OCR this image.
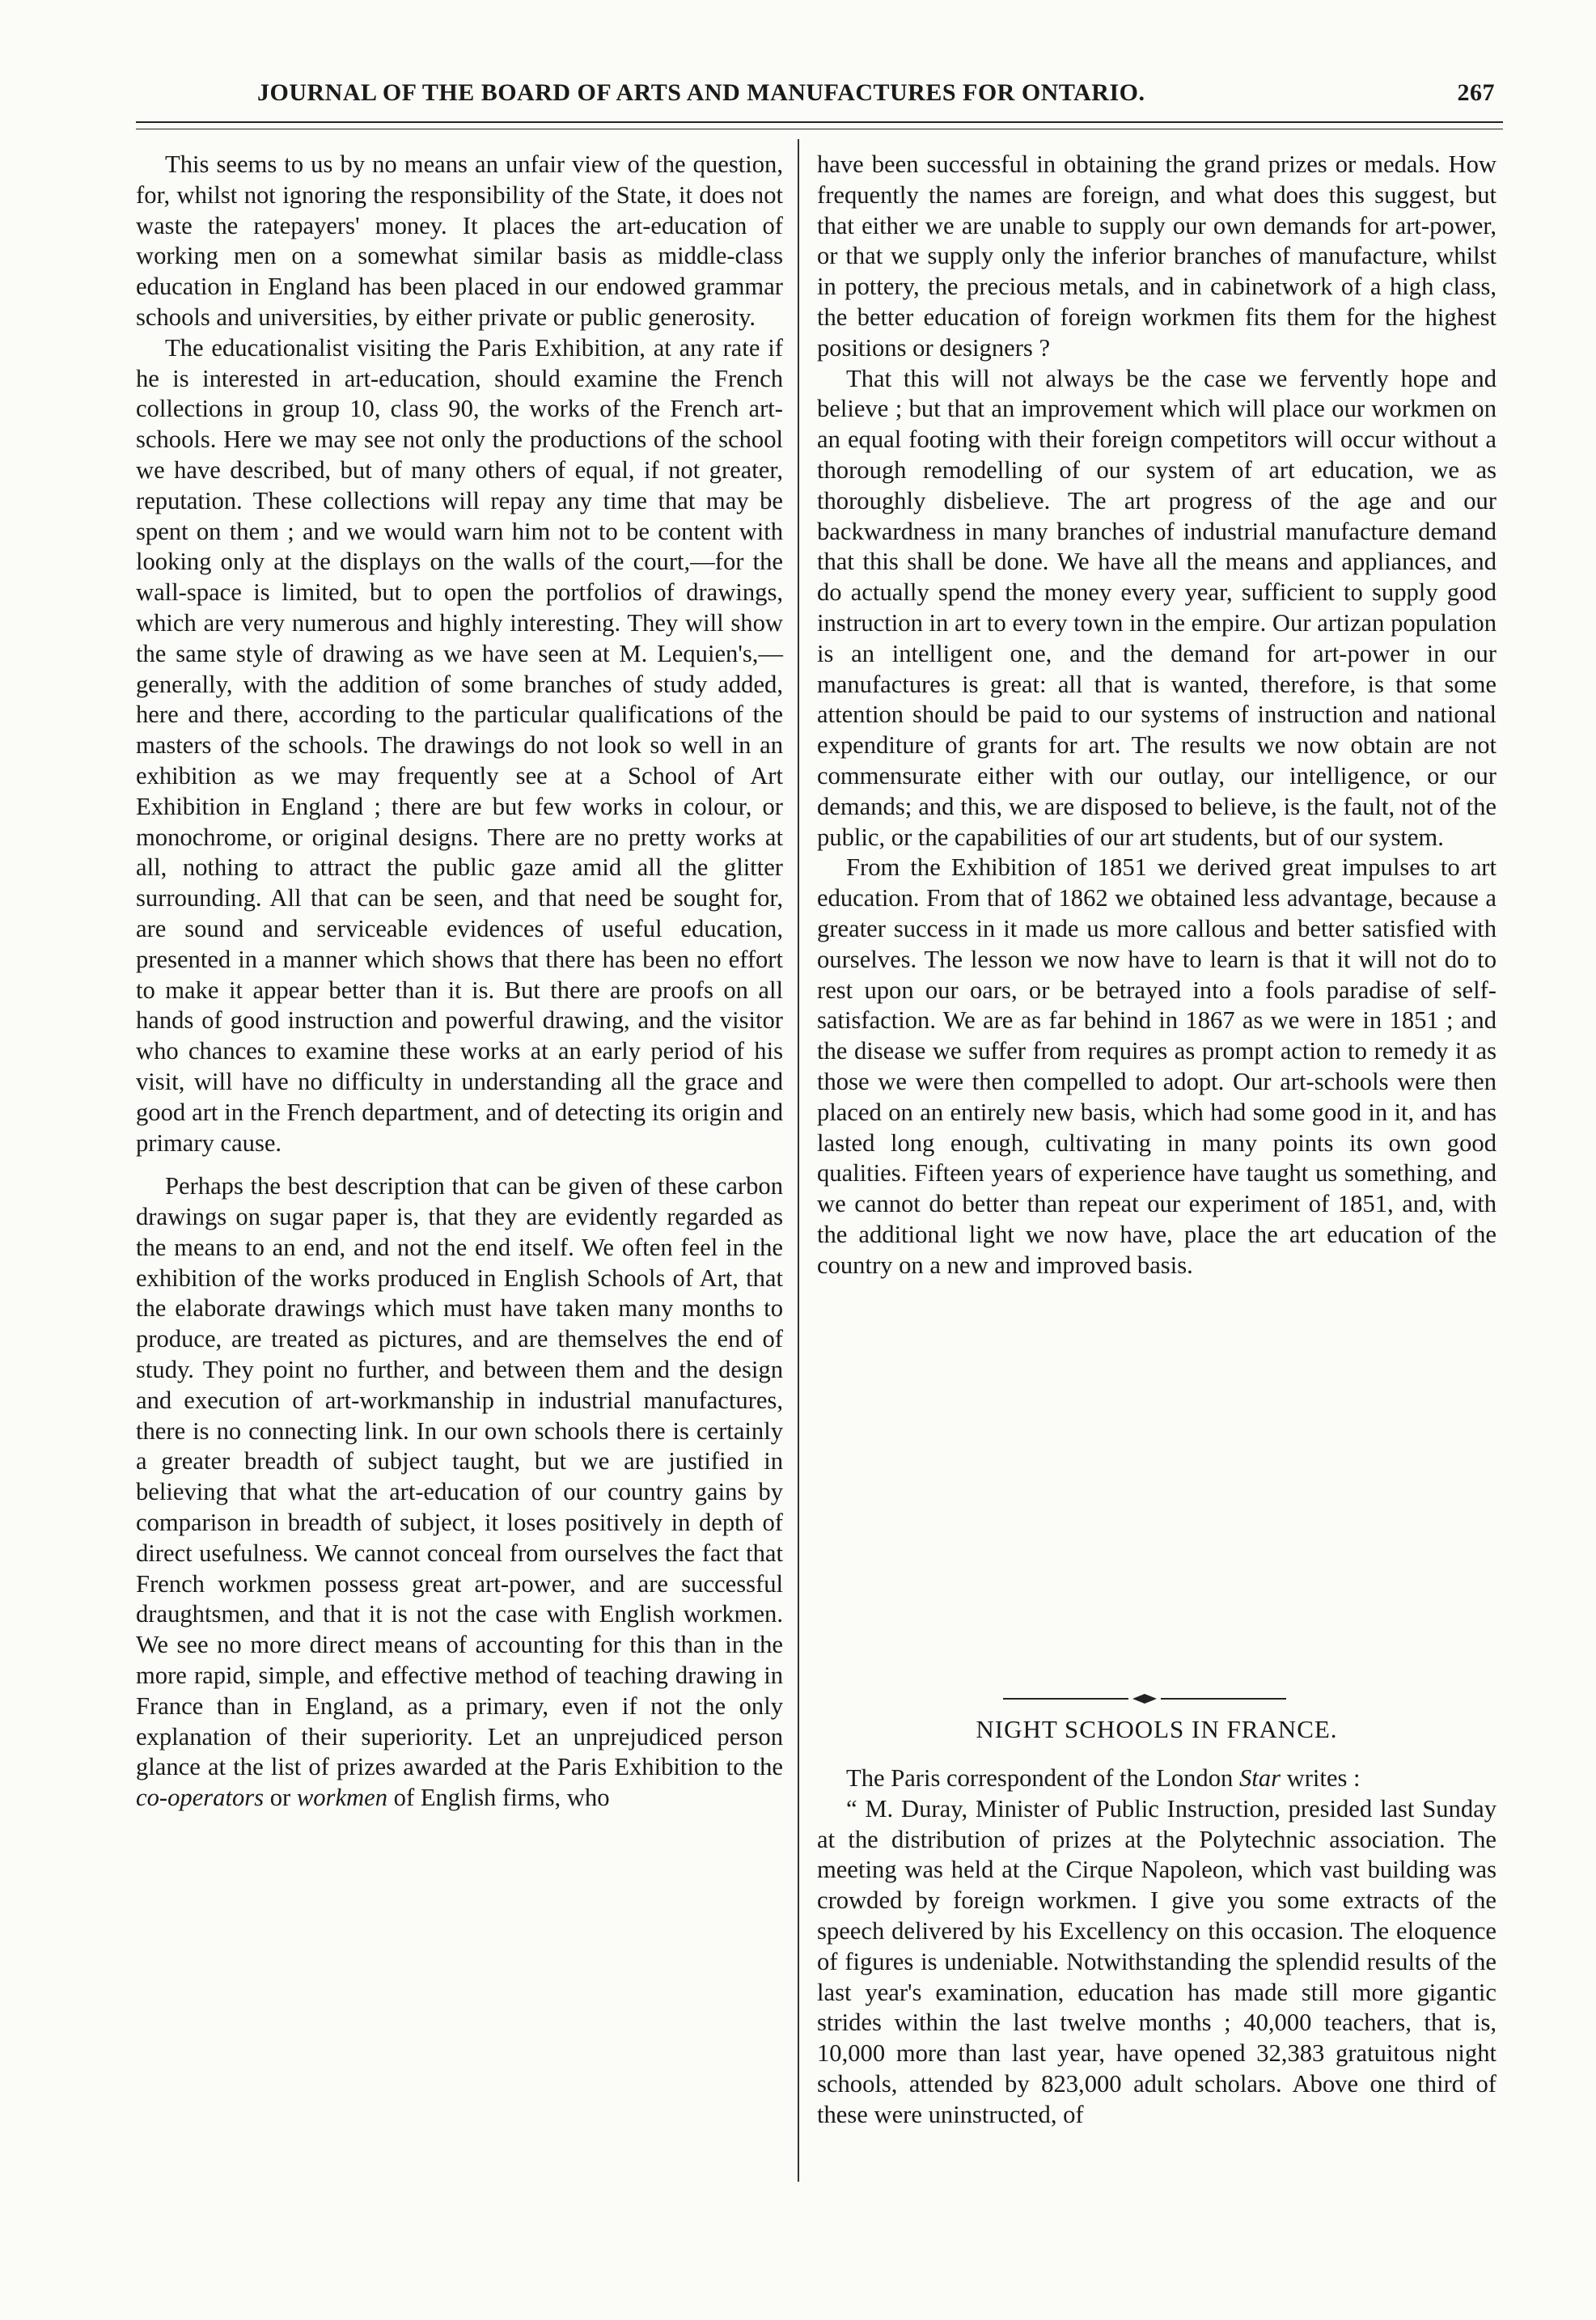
JOURNAL OF THE BOARD OF ARTS AND MANUFACTURES FOR ONTARIO.	267

This seems to us by no means an unfair view of the question, for, whilst not ignoring the responsibility of the State, it does not waste the ratepayers' money. It places the art-education of working men on a somewhat similar basis as middle-class education in England has been placed in our endowed grammar schools and universities, by either private or public generosity.

The educationalist visiting the Paris Exhibition, at any rate if he is interested in art-education, should examine the French collections in group 10, class 90, the works of the French art-schools. Here we may see not only the productions of the school we have described, but of many others of equal, if not greater, reputation. These collections will repay any time that may be spent on them ; and we would warn him not to be content with looking only at the displays on the walls of the court,—for the wall-space is limited, but to open the portfolios of drawings, which are very numerous and highly interesting. They will show the same style of drawing as we have seen at M. Lequien's,—generally, with the addition of some branches of study added, here and there, according to the particular qualifications of the masters of the schools. The drawings do not look so well in an exhibition as we may frequently see at a School of Art Exhibition in England ; there are but few works in colour, or monochrome, or original designs. There are no pretty works at all, nothing to attract the public gaze amid all the glitter surrounding. All that can be seen, and that need be sought for, are sound and serviceable evidences of useful education, presented in a manner which shows that there has been no effort to make it appear better than it is. But there are proofs on all hands of good instruction and powerful drawing, and the visitor who chances to examine these works at an early period of his visit, will have no difficulty in understanding all the grace and good art in the French department, and of detecting its origin and primary cause.

Perhaps the best description that can be given of these carbon drawings on sugar paper is, that they are evidently regarded as the means to an end, and not the end itself. We often feel in the exhibition of the works produced in English Schools of Art, that the elaborate drawings which must have taken many months to produce, are treated as pictures, and are themselves the end of study. They point no further, and between them and the design and execution of art-workmanship in industrial manufactures, there is no connecting link. In our own schools there is certainly a greater breadth of subject taught, but we are justified in believing that what the art-education of our country gains by comparison in breadth of subject, it loses positively in depth of direct usefulness. We cannot conceal from ourselves the fact that French workmen possess great art-power, and are successful draughtsmen, and that it is not the case with English workmen. We see no more direct means of accounting for this than in the more rapid, simple, and effective method of teaching drawing in France than in England, as a primary, even if not the only explanation of their superiority. Let an unprejudiced person glance at the list of prizes awarded at the Paris Exhibition to the co-operators or workmen of English firms, who

have been successful in obtaining the grand prizes or medals. How frequently the names are foreign, and what does this suggest, but that either we are unable to supply our own demands for art-power, or that we supply only the inferior branches of manufacture, whilst in pottery, the precious metals, and in cabinetwork of a high class, the better education of foreign workmen fits them for the highest positions or designers ?

That this will not always be the case we fervently hope and believe ; but that an improvement which will place our workmen on an equal footing with their foreign competitors will occur without a thorough remodelling of our system of art education, we as thoroughly disbelieve. The art progress of the age and our backwardness in many branches of industrial manufacture demand that this shall be done. We have all the means and appliances, and do actually spend the money every year, sufficient to supply good instruction in art to every town in the empire. Our artizan population is an intelligent one, and the demand for art-power in our manufactures is great: all that is wanted, therefore, is that some attention should be paid to our systems of instruction and national expenditure of grants for art. The results we now obtain are not commensurate either with our outlay, our intelligence, or our demands; and this, we are disposed to believe, is the fault, not of the public, or the capabilities of our art students, but of our system.

From the Exhibition of 1851 we derived great impulses to art education. From that of 1862 we obtained less advantage, because a greater success in it made us more callous and better satisfied with ourselves. The lesson we now have to learn is that it will not do to rest upon our oars, or be betrayed into a fools paradise of self-satisfaction. We are as far behind in 1867 as we were in 1851 ; and the disease we suffer from requires as prompt action to remedy it as those we were then compelled to adopt. Our art-schools were then placed on an entirely new basis, which had some good in it, and has lasted long enough, cultivating in many points its own good qualities. Fifteen years of experience have taught us something, and we cannot do better than repeat our experiment of 1851, and, with the additional light we now have, place the art education of the country on a new and improved basis.

NIGHT SCHOOLS IN FRANCE.

The Paris correspondent of the London Star writes :

“ M. Duray, Minister of Public Instruction, presided last Sunday at the distribution of prizes at the Polytechnic association. The meeting was held at the Cirque Napoleon, which vast building was crowded by foreign workmen. I give you some extracts of the speech delivered by his Excellency on this occasion. The eloquence of figures is undeniable. Notwithstanding the splendid results of the last year's examination, education has made still more gigantic strides within the last twelve months ; 40,000 teachers, that is, 10,000 more than last year, have opened 32,383 gratuitous night schools, attended by 823,000 adult scholars. Above one third of these were uninstructed, of
